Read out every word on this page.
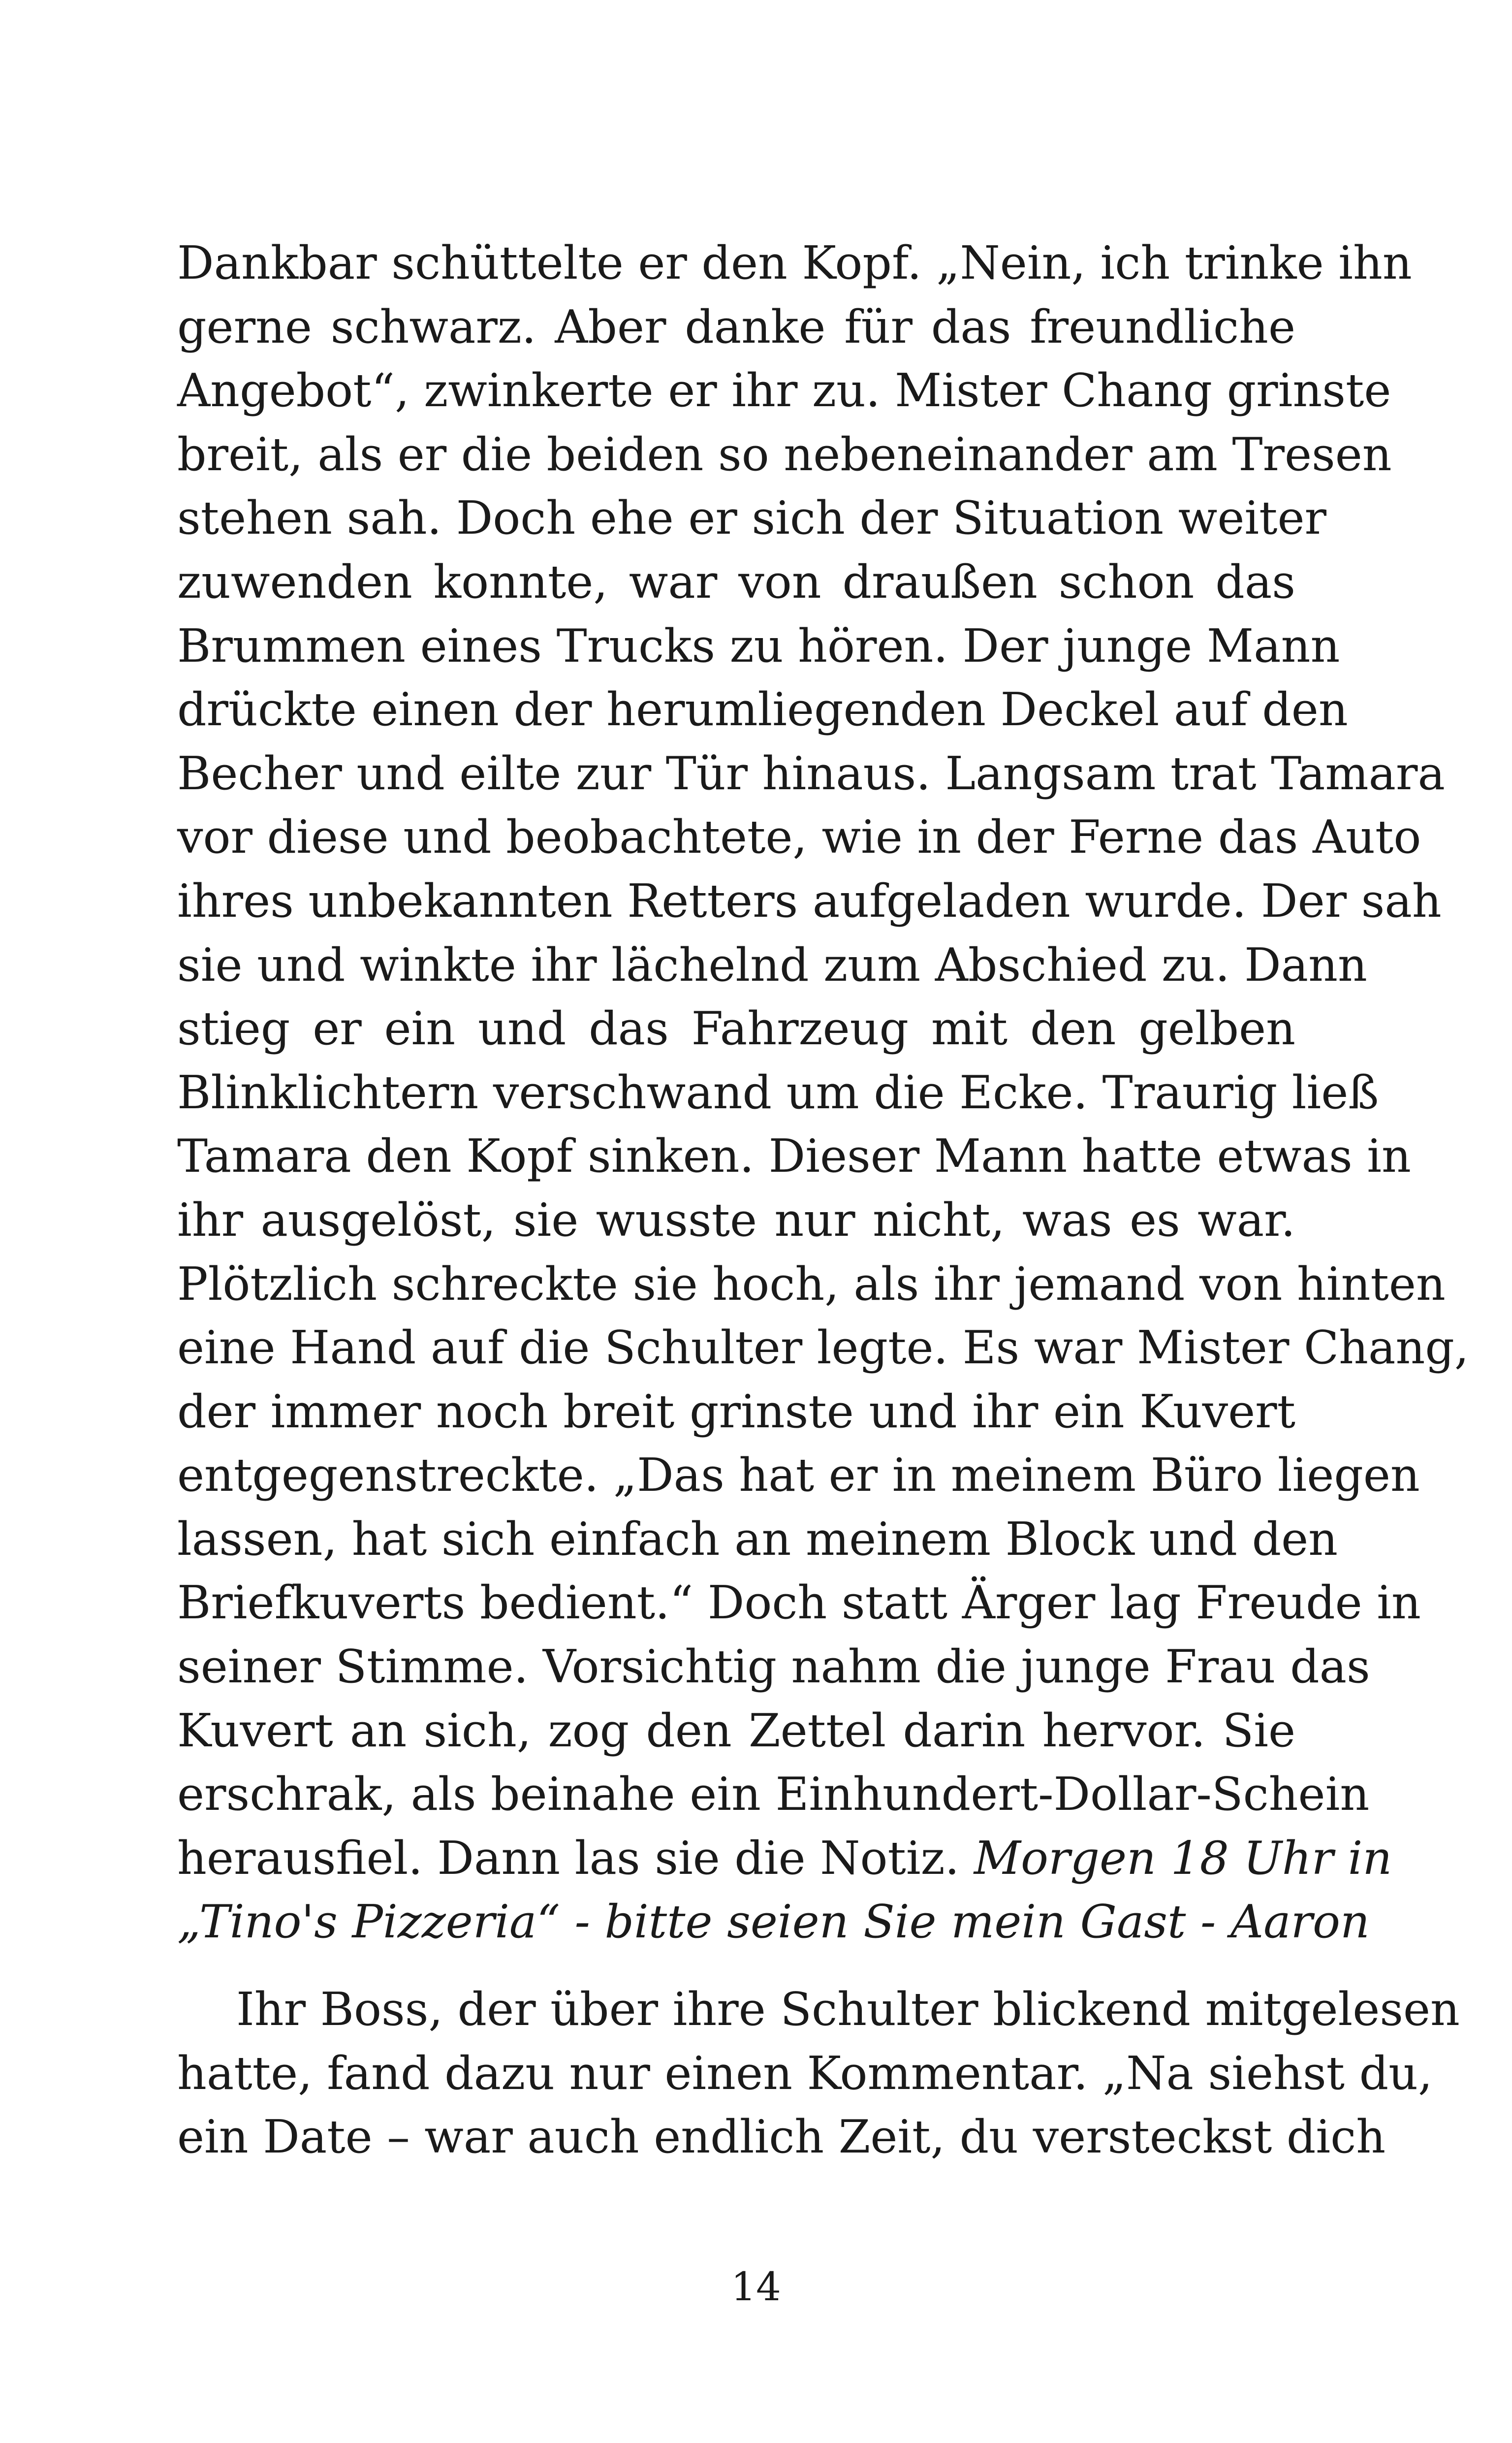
Dankbar schüttelte er den Kopf. „Nein, ich trinke ihn
gerne schwarz. Aber danke für das freundliche
Angebot“, zwinkerte er ihr zu. Mister Chang grinste
breit, als er die beiden so nebeneinander am Tresen
stehen sah. Doch ehe er sich der Situation weiter
zuwenden konnte, war von draußen schon das
Brummen eines Trucks zu hören. Der junge Mann
drückte einen der herumliegenden Deckel auf den
Becher und eilte zur Tür hinaus. Langsam trat Tamara
vor diese und beobachtete, wie in der Ferne das Auto
ihres unbekannten Retters aufgeladen wurde. Der sah
sie und winkte ihr lächelnd zum Abschied zu. Dann
stieg er ein und das Fahrzeug mit den gelben
Blinklichtern verschwand um die Ecke. Traurig ließ
Tamara den Kopf sinken. Dieser Mann hatte etwas in
ihr ausgelöst, sie wusste nur nicht, was es war.
Plötzlich schreckte sie hoch, als ihr jemand von hinten
eine Hand auf die Schulter legte. Es war Mister Chang,
der immer noch breit grinste und ihr ein Kuvert
entgegenstreckte. „Das hat er in meinem Büro liegen
lassen, hat sich einfach an meinem Block und den
Briefkuverts bedient.“ Doch statt Ärger lag Freude in
seiner Stimme. Vorsichtig nahm die junge Frau das
Kuvert an sich, zog den Zettel darin hervor. Sie
erschrak, als beinahe ein Einhundert-Dollar-Schein
herausfiel. Dann las sie die Notiz. Morgen 18 Uhr in
„Tino's Pizzeria“ - bitte seien Sie mein Gast - Aaron
Ihr Boss, der über ihre Schulter blickend mitgelesen
hatte, fand dazu nur einen Kommentar. „Na siehst du,
ein Date – war auch endlich Zeit, du versteckst dich
14
